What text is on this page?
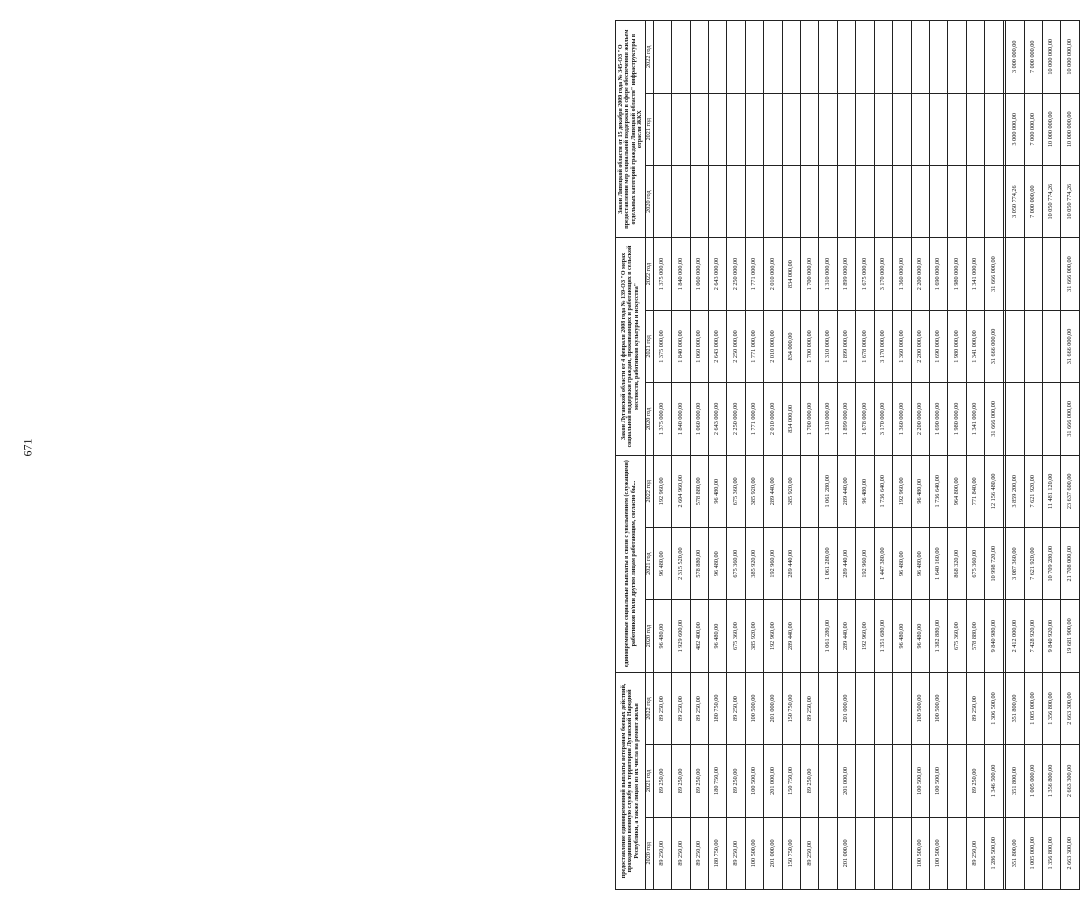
671
предоставление единовременной выплаты ветеранам боевых действий, проходившим военную службу на территории Луганской Народной Республики, а также лицам из их числа на ремонт жилья			единовременные социальные выплаты в связи с увольнением (служащими) работников и/или другим лицам работающим, согласно бы...			Закон Луганской области от 4 февраля 2008 года № 139-ОЗ "О мерах социальной поддержки граждан, проживающих и работающих в сельской местности, работников культуры и искусства"			Закон Липецкой области от 15 декабря 2009 года № 345-ОЗ "О предоставлении мер социальной поддержки в сфере обеспечения жильем отдельных категорий граждан Липецкой области" инфраструктуры в отрасли ЖКХ		
2020 год	2021 год	2022 год	2020 год	2021 год	2022 год	2020 год	2021 год	2022 год	2020 год	2021 год	2022 год
89 250,00	89 250,00	89 250,00	96 480,00	96 480,00	192 960,00	1 375 000,00	1 375 000,00	1 375 000,00			
89 250,00	89 250,00	89 250,00	1 929 600,00	2 315 520,00	2 604 960,00	1 840 000,00	1 840 000,00	1 840 000,00			
89 250,00	89 250,00	89 250,00	482 400,00	578 880,00	578 880,00	1 060 000,00	1 060 000,00	1 060 000,00			
180 750,00	180 750,00	180 750,00	96 480,00	96 480,00	96 480,00	2 643 000,00	2 643 000,00	2 643 000,00			
89 250,00	89 250,00	89 250,00	675 360,00	675 360,00	675 360,00	2 250 000,00	2 250 000,00	2 250 000,00			
100 500,00	100 500,00	100 500,00	385 920,00	385 920,00	385 920,00	1 771 000,00	1 771 000,00	1 771 000,00			
201 000,00	201 000,00	201 000,00	192 960,00	192 960,00	289 440,00	2 010 000,00	2 010 000,00	2 010 000,00			
150 750,00	150 750,00	150 750,00	289 440,00	289 440,00	385 920,00	834 000,00	834 000,00	834 000,00			
89 250,00	89 250,00	89 250,00				1 700 000,00	1 700 000,00	1 700 000,00			
			1 061 280,00	1 061 280,00	1 061 280,00	1 310 000,00	1 310 000,00	1 310 000,00			
201 000,00	201 000,00	201 000,00	289 440,00	289 440,00	289 440,00	1 899 000,00	1 899 000,00	1 899 000,00			
			192 960,00	192 960,00	96 480,00	1 678 000,00	1 678 000,00	1 675 000,00			
			1 351 680,00	1 447 380,00	1 736 640,00	3 170 000,00	3 170 000,00	3 170 000,00			
			96 480,00	96 480,00	192 960,00	1 360 000,00	1 360 000,00	1 360 000,00			
100 500,00	100 500,00	100 500,00	96 480,00	96 480,00	96 480,00	2 200 000,00	2 200 000,00	2 200 000,00			
100 500,00	100 500,00	100 500,00	1 382 880,00	1 640 160,00	1 736 640,00	1 690 000,00	1 690 000,00	1 690 000,00			
			675 360,00	868 320,00	964 800,00	1 980 000,00	1 980 000,00	1 980 000,00			
89 250,00	89 250,00	89 250,00	578 880,00	675 360,00	771 840,00	1 341 000,00	1 341 000,00	1 341 000,00			
1 286 500,00	1 346 500,00	1 306 500,00	9 840 980,00	10 998 720,00	12 156 480,00	31 666 000,00	31 666 000,00	31 666 000,00			

351 800,00	351 800,00	351 800,00	2 412 000,00	3 087 360,00	3 859 200,00				3 050 774,26	3 000 000,00	3 000 000,00
1 005 000,00	1 005 000,00	1 005 000,00	7 428 920,00	7 621 920,00	7 621 920,00				7 000 000,00	7 000 000,00	7 000 000,00
1 356 800,00	1 356 800,00	1 356 800,00	9 840 920,00	10 709 280,00	11 481 120,00				10 050 774,26	10 000 000,00	10 000 000,00
2 663 300,00	2 663 300,00	2 663 300,00	19 681 900,00	21 708 000,00	23 637 600,00	31 666 000,00	31 666 000,00	31 666 000,00	10 050 774,26	10 000 000,00	10 000 000,00
